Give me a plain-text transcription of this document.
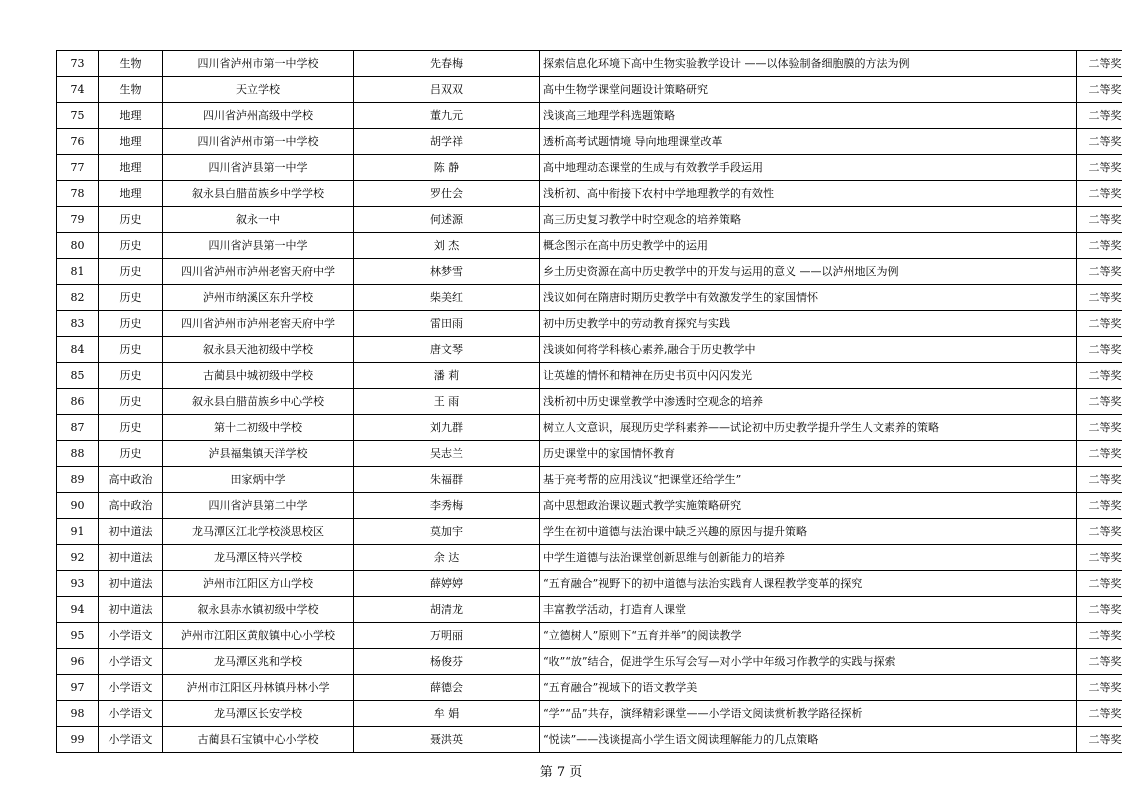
73	生物	四川省泸州市第一中学校	先春梅	探索信息化环境下高中生物实验教学设计 ——以体验制备细胞膜的方法为例	二等奖
74	生物	天立学校	吕双双	高中生物学课堂问题设计策略研究	二等奖
75	地理	四川省泸州高级中学校	董九元	浅谈高三地理学科选题策略	二等奖
76	地理	四川省泸州市第一中学校	胡学祥	透析高考试题情境 导向地理课堂改革	二等奖
77	地理	四川省泸县第一中学	陈 静	高中地理动态课堂的生成与有效教学手段运用	二等奖
78	地理	叙永县白腊苗族乡中学学校	罗仕会	浅析初、高中衔接下农村中学地理教学的有效性	二等奖
79	历史	叙永一中	何述源	高三历史复习教学中时空观念的培养策略	二等奖
80	历史	四川省泸县第一中学	刘 杰	概念图示在高中历史教学中的运用	二等奖
81	历史	四川省泸州市泸州老窖天府中学	林梦雪	乡土历史资源在高中历史教学中的开发与运用的意义 ——以泸州地区为例	二等奖
82	历史	泸州市纳溪区东升学校	柴美红	浅议如何在隋唐时期历史教学中有效激发学生的家国情怀	二等奖
83	历史	四川省泸州市泸州老窖天府中学	雷田雨	初中历史教学中的劳动教育探究与实践	二等奖
84	历史	叙永县天池初级中学校	唐文琴	浅谈如何将学科核心素养,融合于历史教学中	二等奖
85	历史	古蔺县中城初级中学校	潘 莉	让英雄的情怀和精神在历史书页中闪闪发光	二等奖
86	历史	叙永县白腊苗族乡中心学校	王 雨	浅析初中历史课堂教学中渗透时空观念的培养	二等奖
87	历史	第十二初级中学校	刘九群	树立人文意识，展现历史学科素养——试论初中历史教学提升学生人文素养的策略	二等奖
88	历史	泸县福集镇天洋学校	吴志兰	历史课堂中的家国情怀教育	二等奖
89	高中政治	田家炳中学	朱福群	基于亮考帮的应用浅议“把课堂还给学生”	二等奖
90	高中政治	四川省泸县第二中学	李秀梅	高中思想政治课议题式教学实施策略研究	二等奖
91	初中道法	龙马潭区江北学校淡思校区	莫加宇	学生在初中道德与法治课中缺乏兴趣的原因与提升策略	二等奖
92	初中道法	龙马潭区特兴学校	余 达	中学生道德与法治课堂创新思维与创新能力的培养	二等奖
93	初中道法	泸州市江阳区方山学校	薛婷婷	“五育融合”视野下的初中道德与法治实践育人课程教学变革的探究	二等奖
94	初中道法	叙永县赤水镇初级中学校	胡清龙	丰富教学活动，打造育人课堂	二等奖
95	小学语文	泸州市江阳区黄舣镇中心小学校	万明丽	“立德树人”原则下“五育并举”的阅读教学	二等奖
96	小学语文	龙马潭区兆和学校	杨俊芬	“收”“放”结合，促进学生乐写会写—对小学中年级习作教学的实践与探索	二等奖
97	小学语文	泸州市江阳区丹林镇丹林小学	薛德会	“五育融合”视域下的语文教学美	二等奖
98	小学语文	龙马潭区长安学校	牟 娟	“学”“品”共存，演绎精彩课堂——小学语文阅读赏析教学路径探析	二等奖
99	小学语文	古蔺县石宝镇中心小学校	聂洪英	“悦读”——浅谈提高小学生语文阅读理解能力的几点策略	二等奖
第 7 页
